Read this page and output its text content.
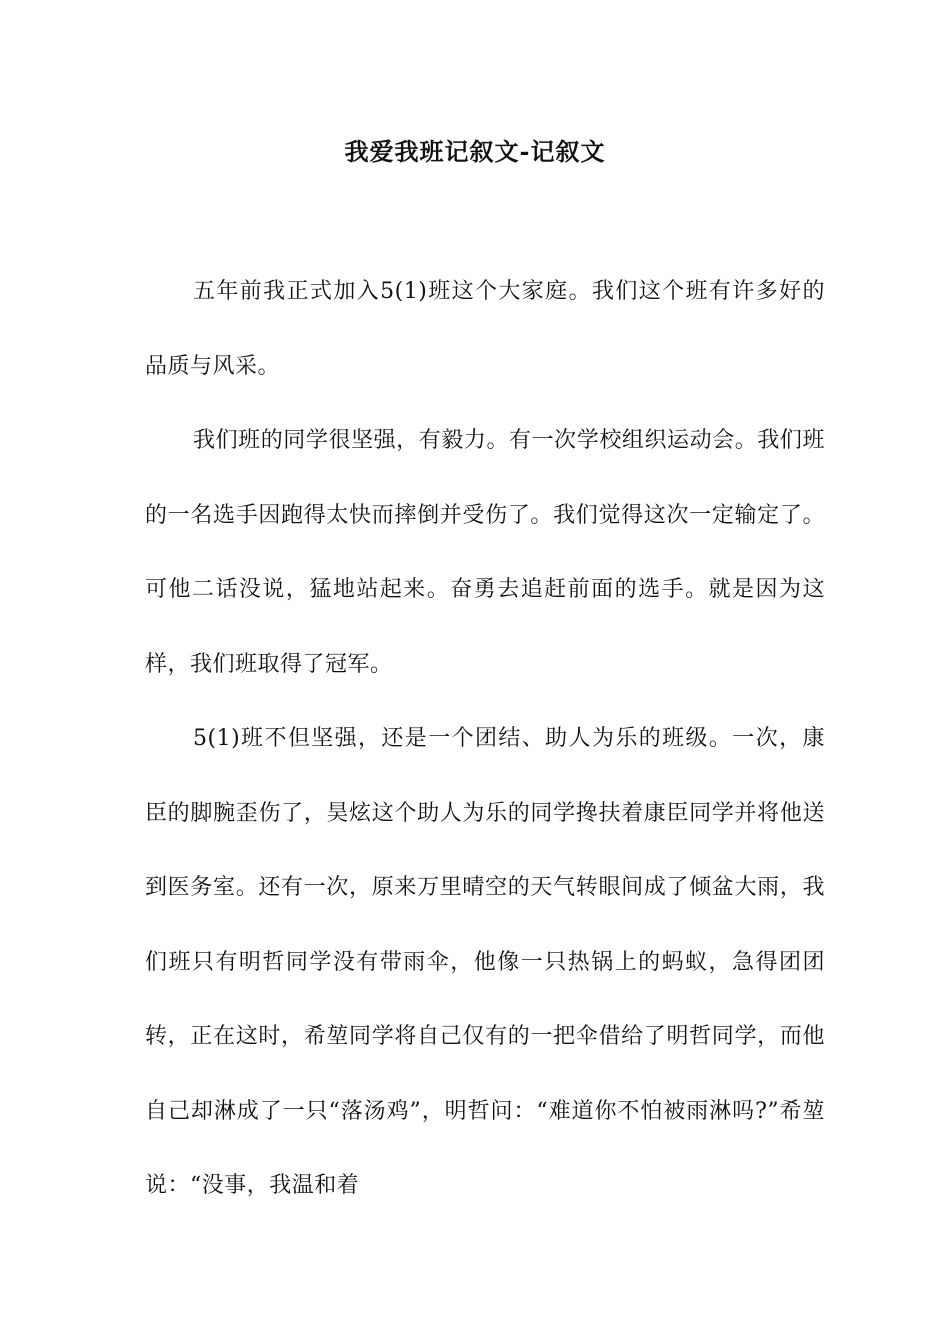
我爱我班记叙文-记叙文

五年前我正式加入5(1)班这个大家庭。我们这个班有许多好的品质与风采。

我们班的同学很坚强，有毅力。有一次学校组织运动会。我们班的一名选手因跑得太快而摔倒并受伤了。我们觉得这次一定输定了。可他二话没说，猛地站起来。奋勇去追赶前面的选手。就是因为这样，我们班取得了冠军。

5(1)班不但坚强，还是一个团结、助人为乐的班级。一次，康臣的脚腕歪伤了，昊炫这个助人为乐的同学搀扶着康臣同学并将他送到医务室。还有一次，原来万里晴空的天气转眼间成了倾盆大雨，我们班只有明哲同学没有带雨伞，他像一只热锅上的蚂蚁，急得团团转，正在这时，希堃同学将自己仅有的一把伞借给了明哲同学，而他自己却淋成了一只“落汤鸡”，明哲问：“难道你不怕被雨淋吗?”希堃说：“没事，我温和着
